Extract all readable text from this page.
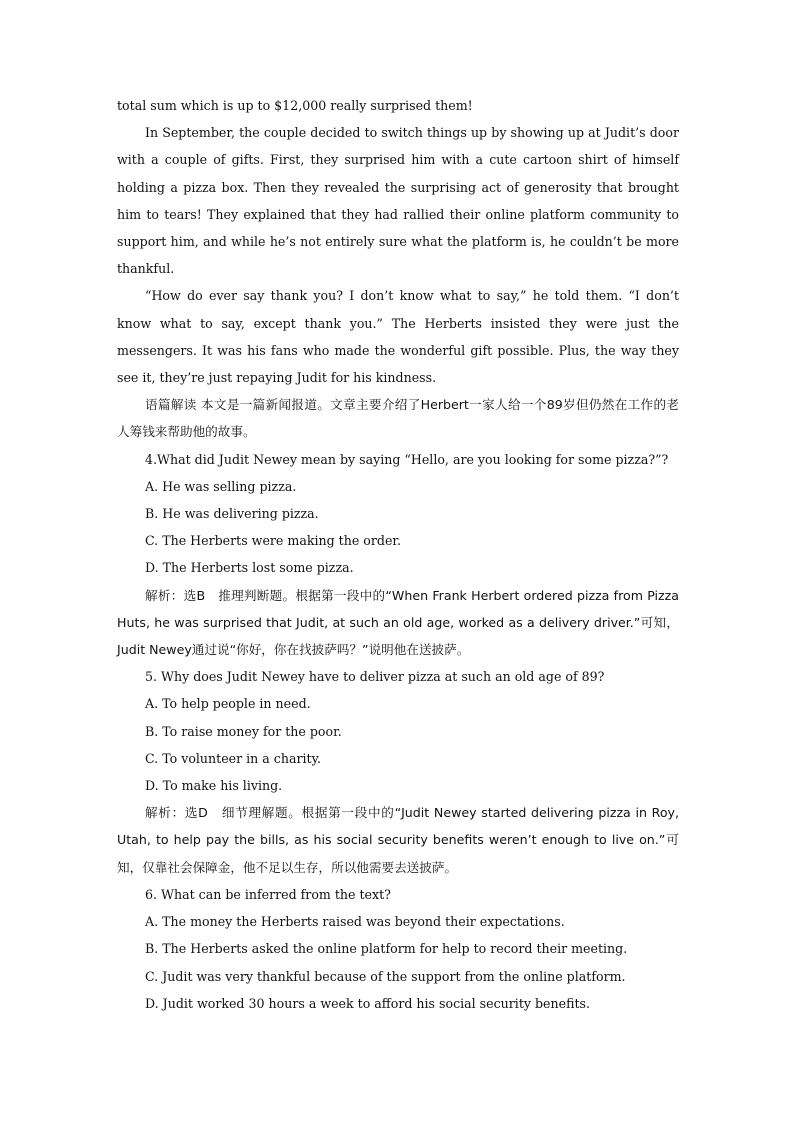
total sum which is up to $12,000 really surprised them!

In September, the couple decided to switch things up by showing up at Judit’s door with a couple of gifts. First, they surprised him with a cute cartoon shirt of himself holding a pizza box. Then they revealed the surprising act of generosity that brought him to tears! They explained that they had rallied their online platform community to support him, and while he’s not entirely sure what the platform is, he couldn’t be more thankful.

“How do ever say thank you? I don’t know what to say,” he told them. “I don’t know what to say, except thank you.” The Herberts insisted they were just the messengers. It was his fans who made the wonderful gift possible. Plus, the way they see it, they’re just repaying Judit for his kindness.

语篇解读 本文是一篇新闻报道。文章主要介绍了Herbert一家人给一个89岁但仍然在工作的老人筹钱来帮助他的故事。

4.What did Judit Newey mean by saying “Hello, are you looking for some pizza?”?

A. He was selling pizza.

B. He was delivering pizza.

C. The Herberts were making the order.

D. The Herberts lost some pizza.

解析：选B　推理判断题。根据第一段中的“When Frank Herbert ordered pizza from Pizza Huts, he was surprised that Judit, at such an old age, worked as a delivery driver.”可知，Judit Newey通过说“你好，你在找披萨吗？”说明他在送披萨。

5. Why does Judit Newey have to deliver pizza at such an old age of 89?

A. To help people in need.

B. To raise money for the poor.

C. To volunteer in a charity.

D. To make his living.

解析：选D　细节理解题。根据第一段中的“Judit Newey started delivering pizza in Roy, Utah, to help pay the bills, as his social security benefits weren’t enough to live on.”可知，仅靠社会保障金，他不足以生存，所以他需要去送披萨。

6. What can be inferred from the text?

A. The money the Herberts raised was beyond their expectations.

B. The Herberts asked the online platform for help to record their meeting.

C. Judit was very thankful because of the support from the online platform.

D. Judit worked 30 hours a week to afford his social security benefits.
